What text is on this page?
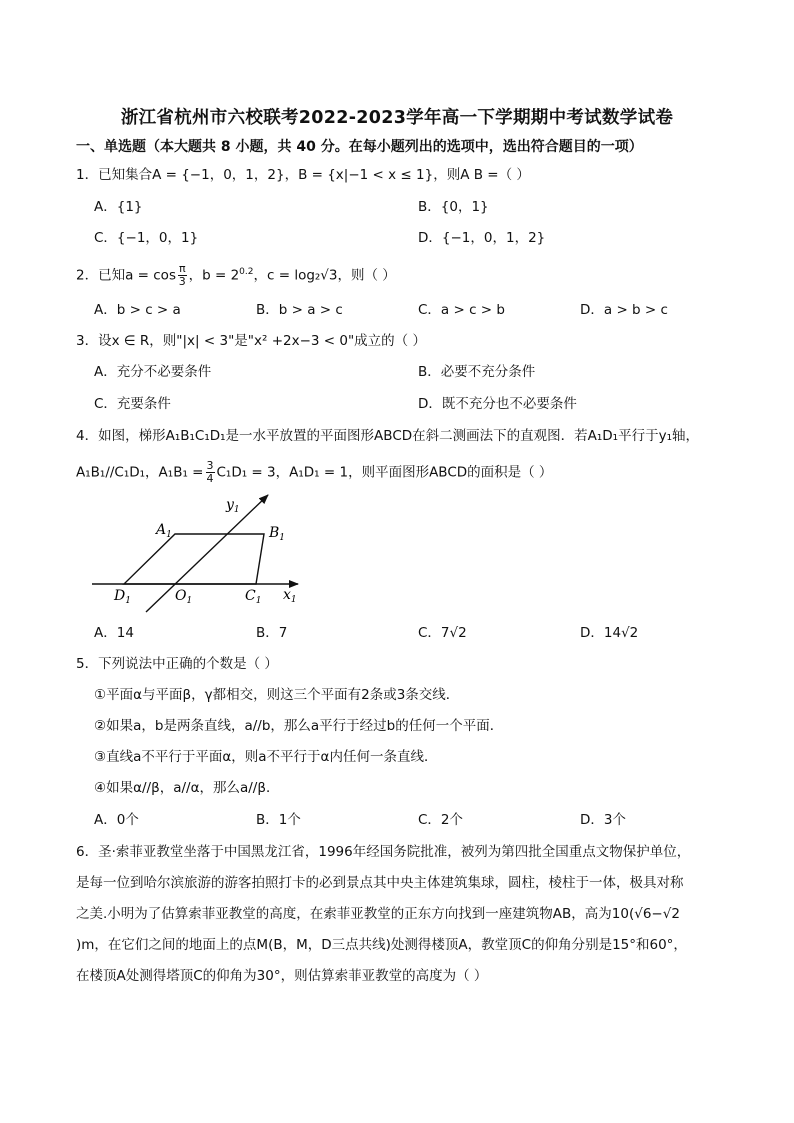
浙江省杭州市六校联考2022-2023学年高一下学期期中考试数学试卷
一、单选题（本大题共 8 小题，共 40 分。在每小题列出的选项中，选出符合题目的一项）
1．已知集合A = {−1，0，1，2}，B = {x|−1 < x ≤ 1}，则A B =（ ）
A．{1}	B．{0，1}
C．{−1，0，1}	D．{−1，0，1，2}
2．已知$a = \cos \frac{\pi}{3}$ ，$b = 2^{0.2}$，c = log₂√3，则（ ）
A．b > c > a	B．b > a > c	C．a > c > b	D．a > b > c
3．设x ∈ R，则"|x| < 3"是"x² +2x−3 < 0"成立的（ ）
A．充分不必要条件	B．必要不充分条件
C．充要条件	D．既不充分也不必要条件
4．如图，梯形A₁B₁C₁D₁是一水平放置的平面图形ABCD在斜二测画法下的直观图．若A₁D₁平行于y₁轴，
A₁B₁//C₁D₁，$A_1B_1 = \frac{3}{4} C_1D_1 = 3$，A₁D₁ = 1，则平面图形ABCD的面积是（ ）
$A_1$	$B_1$
$D_1$	$O_1$	$C_1$ $x_1$
$y_1$
A．14	B．7	C．7√2	D．14√2
5．下列说法中正确的个数是（ ）
①平面α与平面β，γ都相交，则这三个平面有2条或3条交线．
②如果a，b是两条直线，a//b，那么a平行于经过b的任何一个平面．
③直线a不平行于平面α，则a不平行于α内任何一条直线．
④如果α//β，a//α，那么a//β．
A．0个	B．1个	C．2个	D．3个
6．圣·索菲亚教堂坐落于中国黑龙江省，1996年经国务院批准，被列为第四批全国重点文物保护单位，
是每一位到哈尔滨旅游的游客拍照打卡的必到景点其中央主体建筑集球，圆柱，棱柱于一体，极具对称
之美.小明为了估算索菲亚教堂的高度，在索菲亚教堂的正东方向找到一座建筑物AB，高为10(√6−√2
)m，在它们之间的地面上的点M(B，M，D三点共线)处测得楼顶A，教堂顶C的仰角分别是15°和60°，
在楼顶A处测得塔顶C的仰角为30°，则估算索菲亚教堂的高度为（ ）
